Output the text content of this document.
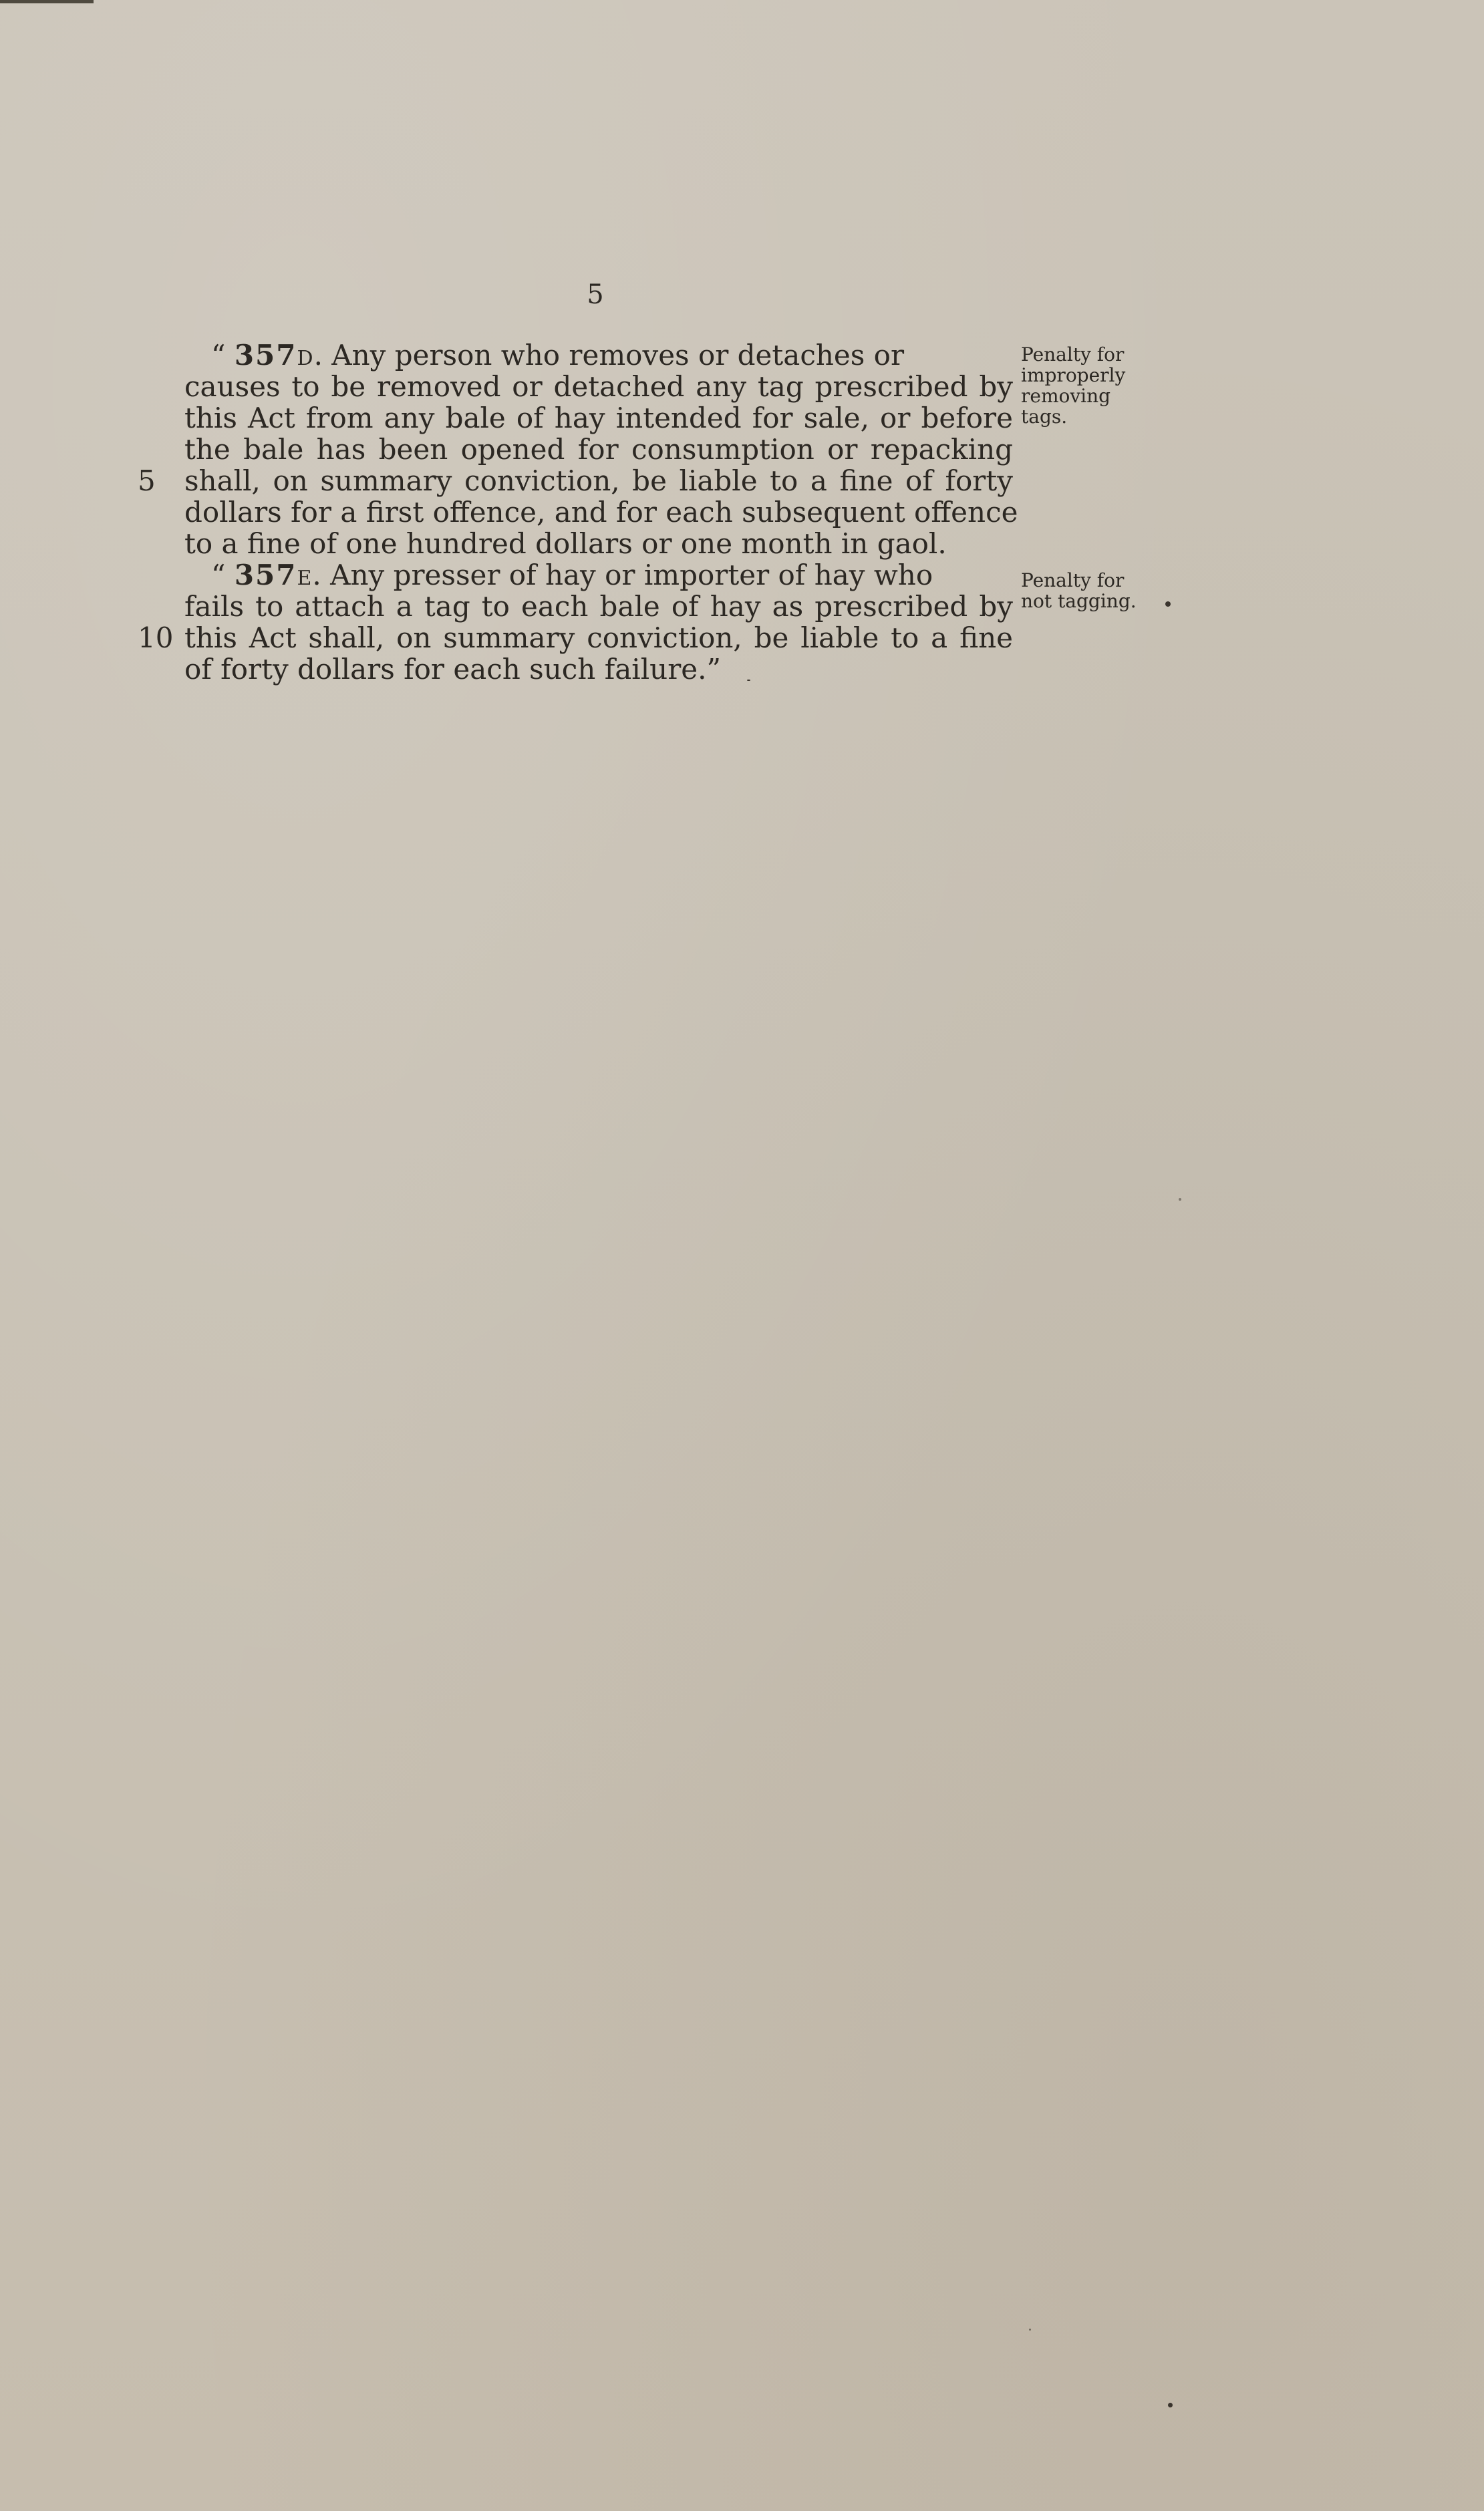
5
“ 357D. Any person who removes or detaches or
causes to be removed or detached any tag prescribed by
this Act from any bale of hay intended for sale, or before
the bale has been opened for consumption or repacking
5	shall, on summary conviction, be liable to a fine of forty
dollars for a first offence, and for each subsequent offence
to a fine of one hundred dollars or one month in gaol.
“ 357E. Any presser of hay or importer of hay who
fails to attach a tag to each bale of hay as prescribed by
10 this Act shall, on summary conviction, be liable to a fine
of forty dollars for each such failure.”
Penalty for
improperly
removing
tags.
Penalty for
not tagging.
